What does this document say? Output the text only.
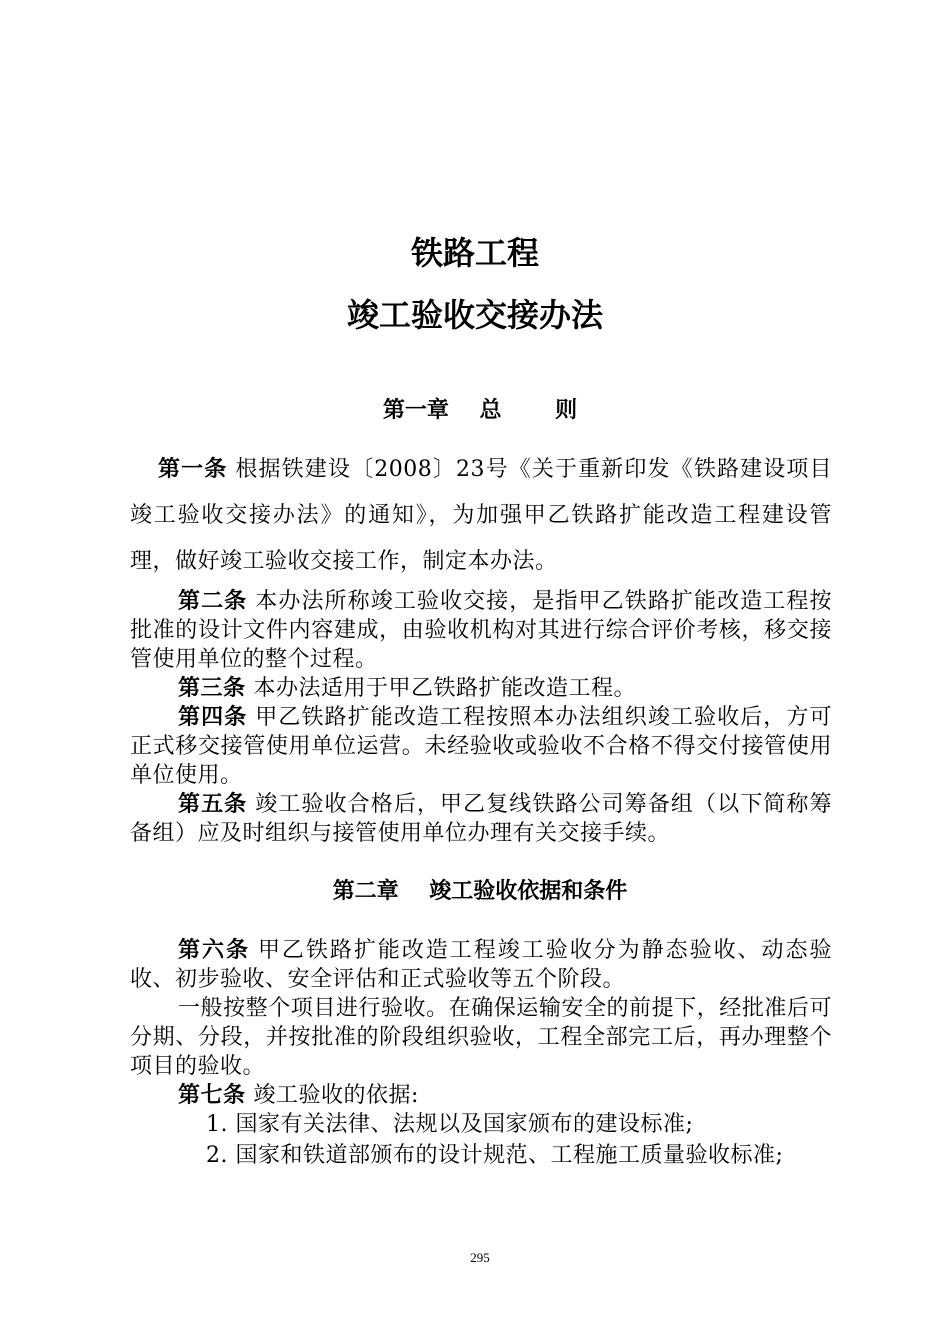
铁路工程
竣工验收交接办法
第一章    总       则
第一条 根据铁建设〔2008〕23号《关于重新印发《铁路建设项目竣工验收交接办法》的通知》，为加强甲乙铁路扩能改造工程建设管理，做好竣工验收交接工作，制定本办法。
第二条 本办法所称竣工验收交接，是指甲乙铁路扩能改造工程按批准的设计文件内容建成，由验收机构对其进行综合评价考核，移交接管使用单位的整个过程。
第三条 本办法适用于甲乙铁路扩能改造工程。
第四条 甲乙铁路扩能改造工程按照本办法组织竣工验收后，方可正式移交接管使用单位运营。未经验收或验收不合格不得交付接管使用单位使用。
第五条 竣工验收合格后，甲乙复线铁路公司筹备组（以下简称筹备组）应及时组织与接管使用单位办理有关交接手续。
第二章    竣工验收依据和条件
第六条 甲乙铁路扩能改造工程竣工验收分为静态验收、动态验收、初步验收、安全评估和正式验收等五个阶段。
一般按整个项目进行验收。在确保运输安全的前提下，经批准后可分期、分段，并按批准的阶段组织验收，工程全部完工后，再办理整个项目的验收。
第七条 竣工验收的依据:
1. 国家有关法律、法规以及国家颁布的建设标准;
2. 国家和铁道部颁布的设计规范、工程施工质量验收标准;
295
